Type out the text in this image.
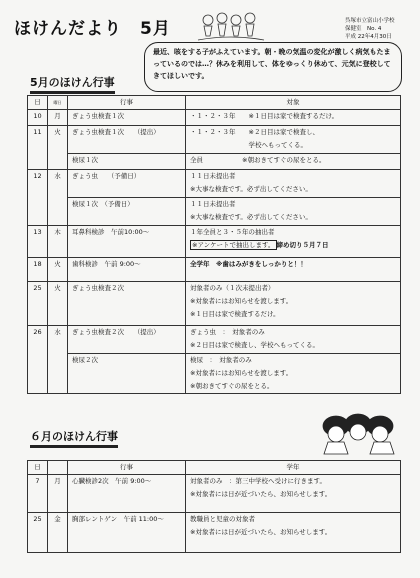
ほけんだより　5月	呉塚市立富山小学校
保健室　No. 4
平成 22年4月30日
最近、咳をする子がふえています。朝・晩の気温の変化が激しく病気もたまっているのでは…？休みを利用して、体をゆっくり休めて、元気に登校してきてほしいです。
5月のほけん行事
日	曜日	行事	対象
10	月	ぎょう虫検査１次	・１・２・３年　　※１日目は家で検査するだけ。

11	火	ぎょう虫検査１次　　（提出）	・１・２・３年　　※２日目は家で検査し、
　　　　　　　　　学校へもってくる。

		検尿１次	全員　　　　　　※朝おきてすぐの尿をとる。

12	水	ぎょう虫　　（予備日）	１１日未提出者
※大事な検査です。必ず出してください。

		検尿１次　（予備日）	１１日未提出者
※大事な検査です。必ず出してください。

13	木	耳鼻科検診　午前10:00～	１年全員と３・５年の抽出者
※アンケートで抽出します。 締め切り５月７日

18	火	歯科検診　午前 9:00～	全学年　※歯はみがきをしっかりと！！

25	火	ぎょう虫検査２次	対象者のみ（１次未提出者）
※対象者にはお知らせを渡します。
※１日目は家で検査するだけ。

26	水	ぎょう虫検査２次　　（提出）	ぎょう虫　：　対象者のみ
※２日目は家で検査し、学校へもってくる。

		検尿２次	検尿　：　対象者のみ
※対象者にはお知らせを渡します。
※朝おきてすぐの尿をとる。
６月のほけん行事
日		行事	学年
7	月	心臓検診2次　午前 9:00～	対象者のみ　：第三中学校へ受けに行きます。
※対象者には日が近づいたら、お知らせします。

25	金	胸部レントゲン　午前 11:00～	教職員と児童の対象者
※対象者には日が近づいたら、お知らせします。
